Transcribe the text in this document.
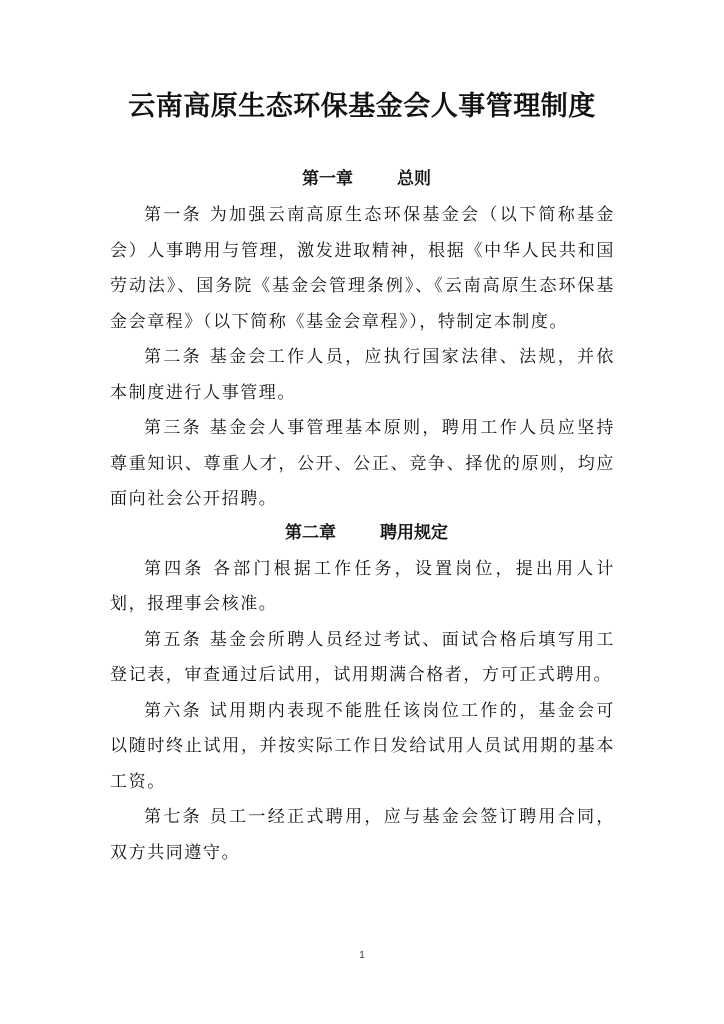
云南高原生态环保基金会人事管理制度
第一章	总则

第一条 为加强云南高原生态环保基金会（以下简称基金会）人事聘用与管理，激发进取精神，根据《中华人民共和国劳动法》、国务院《基金会管理条例》、《云南高原生态环保基金会章程》（以下简称《基金会章程》），特制定本制度。

第二条 基金会工作人员，应执行国家法律、法规，并依本制度进行人事管理。

第三条 基金会人事管理基本原则，聘用工作人员应坚持尊重知识、尊重人才，公开、公正、竞争、择优的原则，均应面向社会公开招聘。

第二章	聘用规定

第四条 各部门根据工作任务，设置岗位，提出用人计划，报理事会核准。

第五条 基金会所聘人员经过考试、面试合格后填写用工登记表，审查通过后试用，试用期满合格者，方可正式聘用。

第六条 试用期内表现不能胜任该岗位工作的，基金会可以随时终止试用，并按实际工作日发给试用人员试用期的基本工资。

第七条 员工一经正式聘用，应与基金会签订聘用合同，双方共同遵守。

1
